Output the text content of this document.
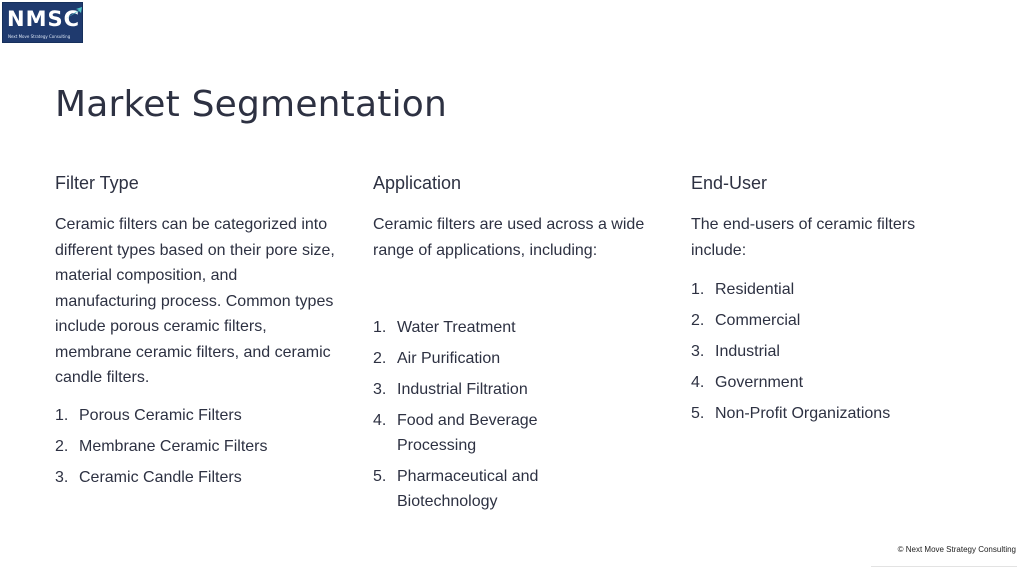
NMSC
Next Move Strategy Consulting
Market Segmentation
Filter Type

Ceramic filters can be categorized into different types based on their pore size, material composition, and manufacturing process. Common types include porous ceramic filters, membrane ceramic filters, and ceramic candle filters.

1. Porous Ceramic Filters
2. Membrane Ceramic Filters
3. Ceramic Candle Filters
Application

Ceramic filters are used across a wide range of applications, including:

1. Water Treatment
2. Air Purification
3. Industrial Filtration
4. Food and Beverage Processing
5. Pharmaceutical and Biotechnology
End-User

The end-users of ceramic filters include:

1. Residential
2. Commercial
3. Industrial
4. Government
5. Non-Profit Organizations
© Next Move Strategy Consulting
